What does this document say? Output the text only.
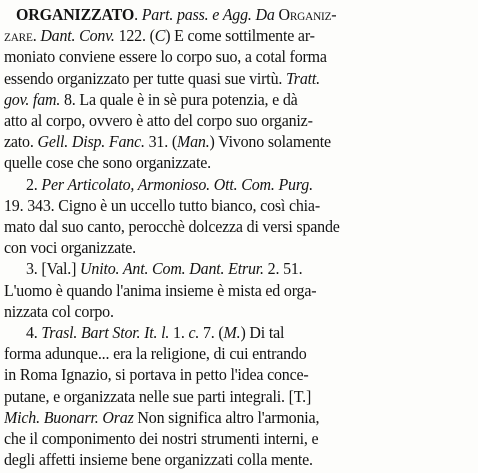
ORGANIZZATO. Part. pass. e Agg. Da Organiz-
zare. Dant. Conv. 122. (C) E come sottilmente ar-
moniato conviene essere lo corpo suo, a cotal forma
essendo organizzato per tutte quasi sue virtù. Tratt.
gov. fam. 8. La quale è in sè pura potenzia, e dà
atto al corpo, ovvero è atto del corpo suo organiz-
zato. Gell. Disp. Fanc. 31. (Man.) Vivono solamente
quelle cose che sono organizzate.
2. Per Articolato, Armonioso. Ott. Com. Purg.
19. 343. Cigno è un uccello tutto bianco, così chia-
mato dal suo canto, perocchè dolcezza di versi spande
con voci organizzate.
3. [Val.] Unito. Ant. Com. Dant. Etrur. 2. 51.
L'uomo è quando l'anima insieme è mista ed orga-
nizzata col corpo.
4. Trasl. Bart Stor. It. l. 1. c. 7. (M.) Di tal
forma adunque... era la religione, di cui entrando
in Roma Ignazio, si portava in petto l'idea conce-
putane, e organizzata nelle sue parti integrali. [T.]
Mich. Buonarr. Oraz Non significa altro l'armonia,
che il componimento dei nostri strumenti interni, e
degli affetti insieme bene organizzati colla mente.
